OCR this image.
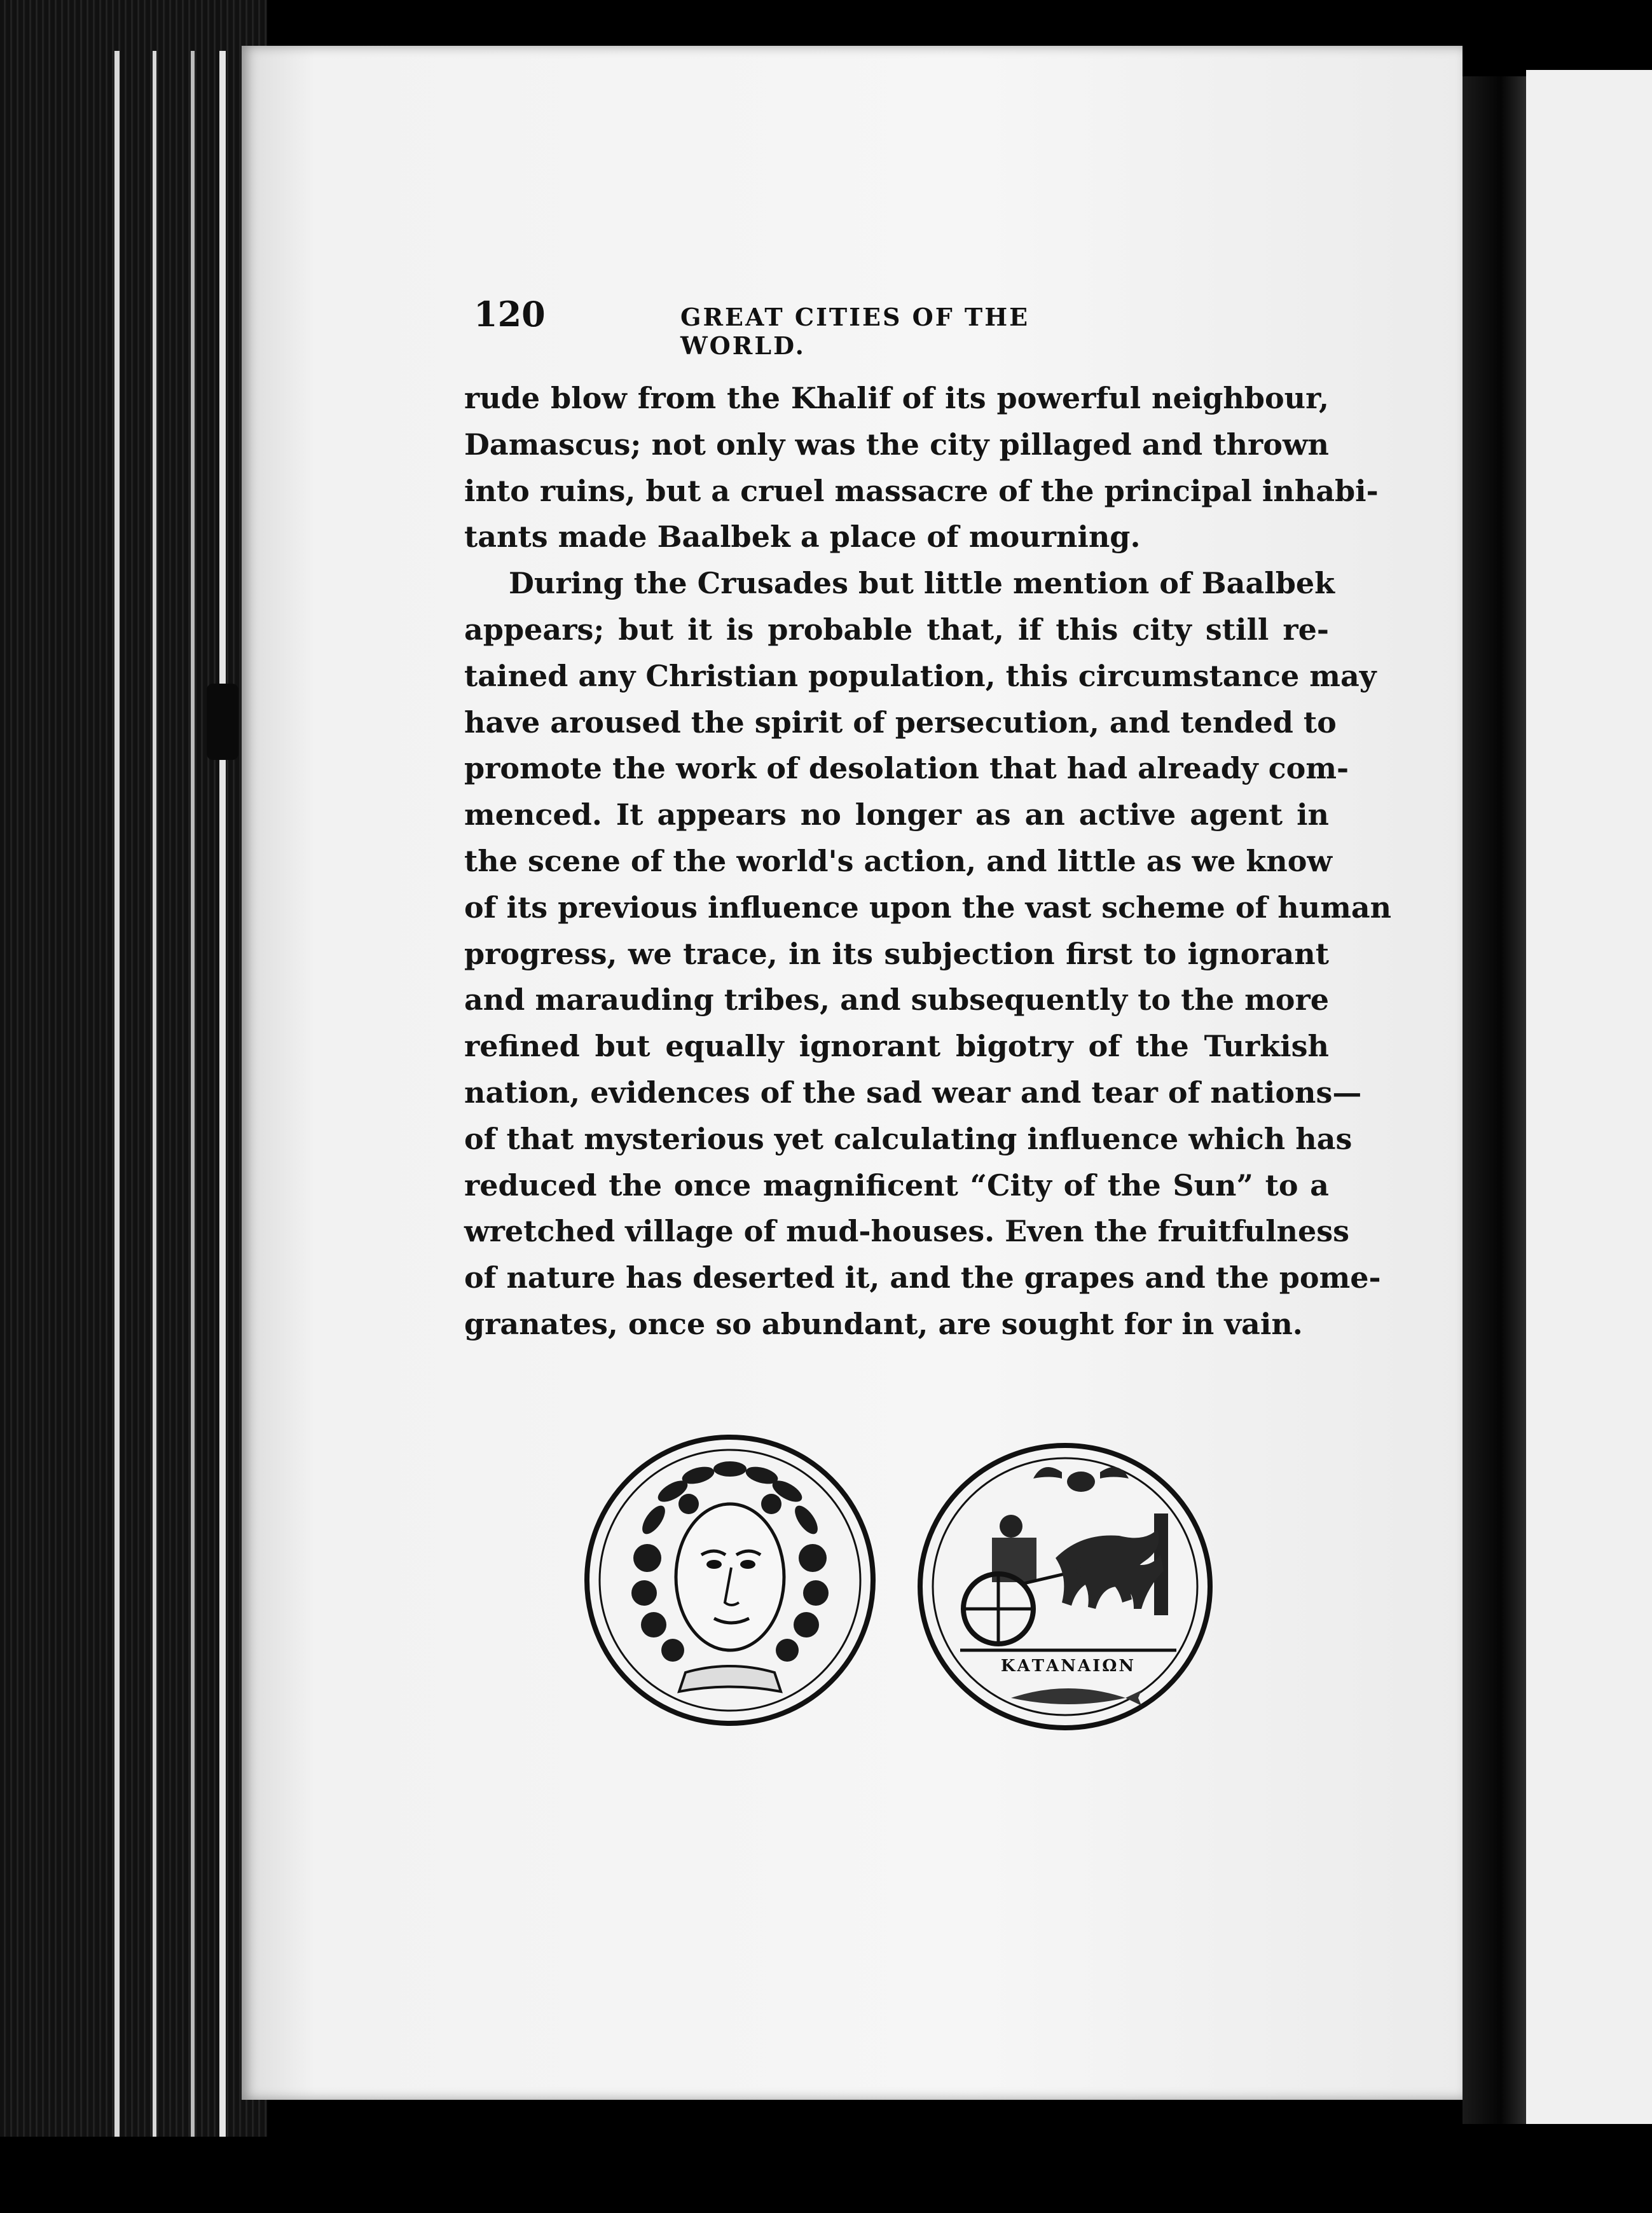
120	GREAT CITIES OF THE WORLD.
rude blow from the Khalif of its powerful neighbour,
Damascus; not only was the city pillaged and thrown
into ruins, but a cruel massacre of the principal inhabi-
tants made Baalbek a place of mourning.
During the Crusades but little mention of Baalbek
appears; but it is probable that, if this city still re-
tained any Christian population, this circumstance may
have aroused the spirit of persecution, and tended to
promote the work of desolation that had already com-
menced. It appears no longer as an active agent in
the scene of the world's action, and little as we know
of its previous influence upon the vast scheme of human
progress, we trace, in its subjection first to ignorant
and marauding tribes, and subsequently to the more
refined but equally ignorant bigotry of the Turkish
nation, evidences of the sad wear and tear of nations—
of that mysterious yet calculating influence which has
reduced the once magnificent “City of the Sun” to a
wretched village of mud-houses. Even the fruitfulness
of nature has deserted it, and the grapes and the pome-
granates, once so abundant, are sought for in vain.
ΚΑΤΑΝΑΙΩΝ
